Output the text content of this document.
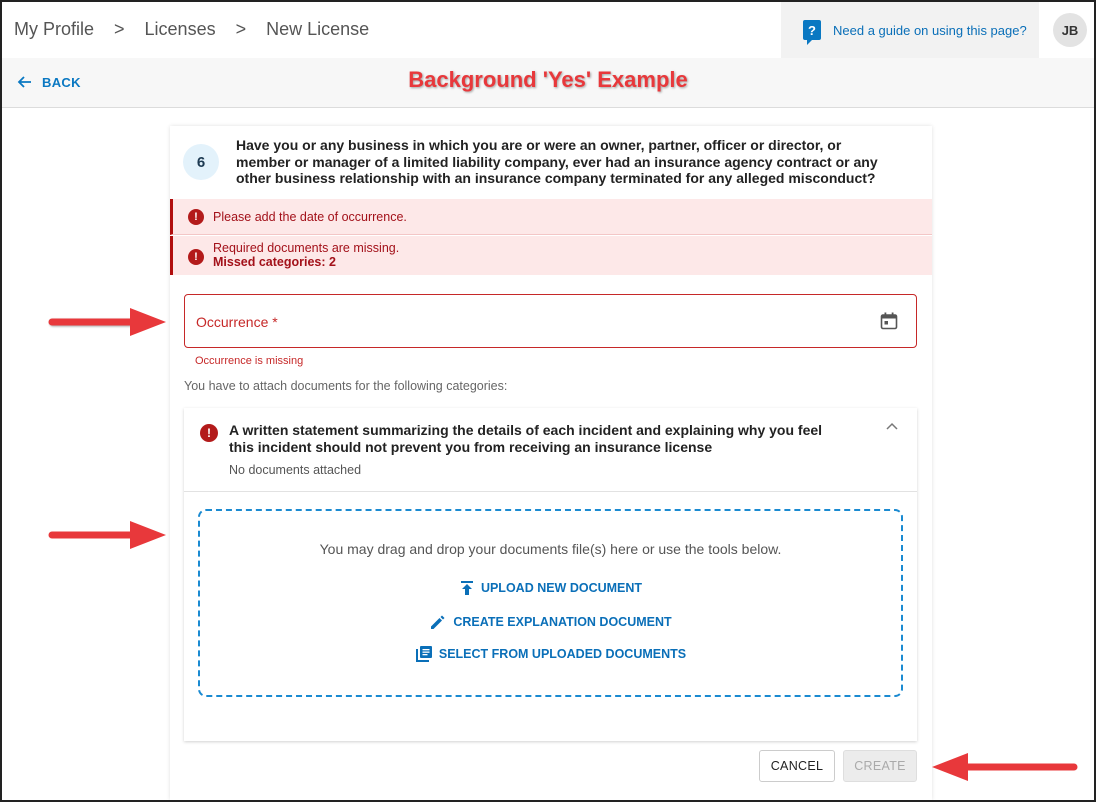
My Profile > Licenses > New License	?	Need a guide on using this page?	JB
BACK	Background 'Yes' Example
6
Have you or any business in which you are or were an owner, partner, officer or director, or member or manager of a limited liability company, ever had an insurance agency contract or any other business relationship with an insurance company terminated for any alleged misconduct?
!	Please add the date of occurrence.
!
Required documents are missing.
Missed categories: 2
Occurrence *
Occurrence is missing
You have to attach documents for the following categories:
!	A written statement summarizing the details of each incident and explaining why you feel this incident should not prevent you from receiving an insurance license
No documents attached
You may drag and drop your documents file(s) here or use the tools below.
UPLOAD NEW DOCUMENT
CREATE EXPLANATION DOCUMENT
SELECT FROM UPLOADED DOCUMENTS
CANCEL	CREATE
